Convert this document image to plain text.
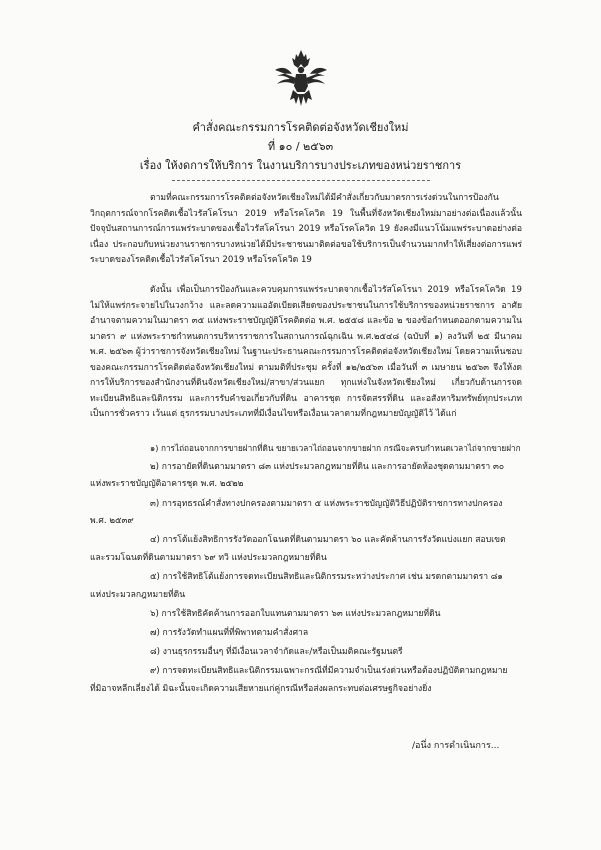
คำสั่งคณะกรรมการโรคติดต่อจังหวัดเชียงใหม่
ที่ ๑๐ / ๒๕๖๓
เรื่อง ให้งดการให้บริการ ในงานบริการบางประเภทของหน่วยราชการ
ตามที่คณะกรรมการโรคติดต่อจังหวัดเชียงใหม่ได้มีคำสั่งเกี่ยวกับมาตรการเร่งด่วนในการป้องกันวิกฤตการณ์จากโรคติดเชื้อไวรัสโคโรนา 2019 หรือโรคโควิด 19 ในพื้นที่จังหวัดเชียงใหม่มาอย่างต่อเนื่องแล้วนั้น ปัจจุบันสถานการณ์การแพร่ระบาดของเชื้อไวรัสโคโรนา 2019 หรือโรคโควิด 19 ยังคงมีแนวโน้มแพร่ระบาดอย่างต่อเนื่อง ประกอบกับหน่วยงานราชการบางหน่วยได้มีประชาชนมาติดต่อขอใช้บริการเป็นจำนวนมากทำให้เสี่ยงต่อการแพร่ระบาดของโรคติดเชื้อไวรัสโคโรนา 2019 หรือโรคโควิด 19
ดังนั้น เพื่อเป็นการป้องกันและควบคุมการแพร่ระบาดจากเชื้อไวรัสโคโรนา 2019 หรือโรคโควิด 19 ไม่ให้แพร่กระจายไปในวงกว้าง และลดความแออัดเบียดเสียดของประชาชนในการใช้บริการของหน่วยราชการ อาศัยอำนาจตามความในมาตรา ๓๕ แห่งพระราชบัญญัติโรคติดต่อ พ.ศ. ๒๕๕๘ และข้อ ๒ ของข้อกำหนดออกตามความในมาตรา ๙ แห่งพระราชกำหนดการบริหารราชการในสถานการณ์ฉุกเฉิน พ.ศ.๒๕๔๘ (ฉบับที่ ๑) ลงวันที่ ๒๕ มีนาคม พ.ศ. ๒๕๖๓ ผู้ว่าราชการจังหวัดเชียงใหม่ ในฐานะประธานคณะกรรมการโรคติดต่อจังหวัดเชียงใหม่ โดยความเห็นชอบของคณะกรรมการโรคติดต่อจังหวัดเชียงใหม่ ตามมติที่ประชุม ครั้งที่ ๑๒/๒๕๖๓ เมื่อวันที่ ๓ เมษายน ๒๕๖๓ จึงให้งดการให้บริการของสำนักงานที่ดินจังหวัดเชียงใหม่/สาขา/ส่วนแยก ทุกแห่งในจังหวัดเชียงใหม่ เกี่ยวกับด้านการจดทะเบียนสิทธิและนิติกรรม และการรับคำขอเกี่ยวกับที่ดิน อาคารชุด การจัดสรรที่ดิน และอสังหาริมทรัพย์ทุกประเภทเป็นการชั่วคราว เว้นแต่ ธุรกรรมบางประเภทที่มีเงื่อนไขหรือเงื่อนเวลาตามที่กฎหมายบัญญัติไว้ ได้แก่
๑) การไถ่ถอนจากการขายฝากที่ดิน ขยายเวลาไถ่ถอนจากขายฝาก กรณีจะครบกำหนดเวลาไถ่จากขายฝาก
๒) การอายัดที่ดินตามมาตรา ๘๓ แห่งประมวลกฎหมายที่ดิน และการอายัดห้องชุดตามมาตรา ๓๐
แห่งพระราชบัญญัติอาคารชุด พ.ศ. ๒๕๒๒
๓) การอุทธรณ์คำสั่งทางปกครองตามมาตรา ๕ แห่งพระราชบัญญัติวิธีปฏิบัติราชการทางปกครอง
พ.ศ. ๒๕๓๙
๔) การโต้แย้งสิทธิการรังวัดออกโฉนดที่ดินตามมาตรา ๖๐ และคัดค้านการรังวัดแบ่งแยก สอบเขต
และรวมโฉนดที่ดินตามมาตรา ๖๙ ทวิ แห่งประมวลกฎหมายที่ดิน
๕) การใช้สิทธิโต้แย้งการจดทะเบียนสิทธิและนิติกรรมระหว่างประกาศ เช่น มรดกตามมาตรา ๘๑
แห่งประมวลกฎหมายที่ดิน
๖) การใช้สิทธิคัดค้านการออกใบแทนตามมาตรา ๖๓ แห่งประมวลกฎหมายที่ดิน
๗) การรังวัดทำแผนที่ที่พิพาทตามคำสั่งศาล
๘) งานธุรกรรมอื่นๆ ที่มีเงื่อนเวลาจำกัดและ/หรือเป็นมติคณะรัฐมนตรี
๙) การจดทะเบียนสิทธิและนิติกรรมเฉพาะกรณีที่มีความจำเป็นเร่งด่วนหรือต้องปฏิบัติตามกฎหมาย
ที่มิอาจหลีกเลี่ยงได้ มิฉะนั้นจะเกิดความเสียหายแก่คู่กรณีหรือส่งผลกระทบต่อเศรษฐกิจอย่างยิ่ง
/อนึ่ง การดำเนินการ...
